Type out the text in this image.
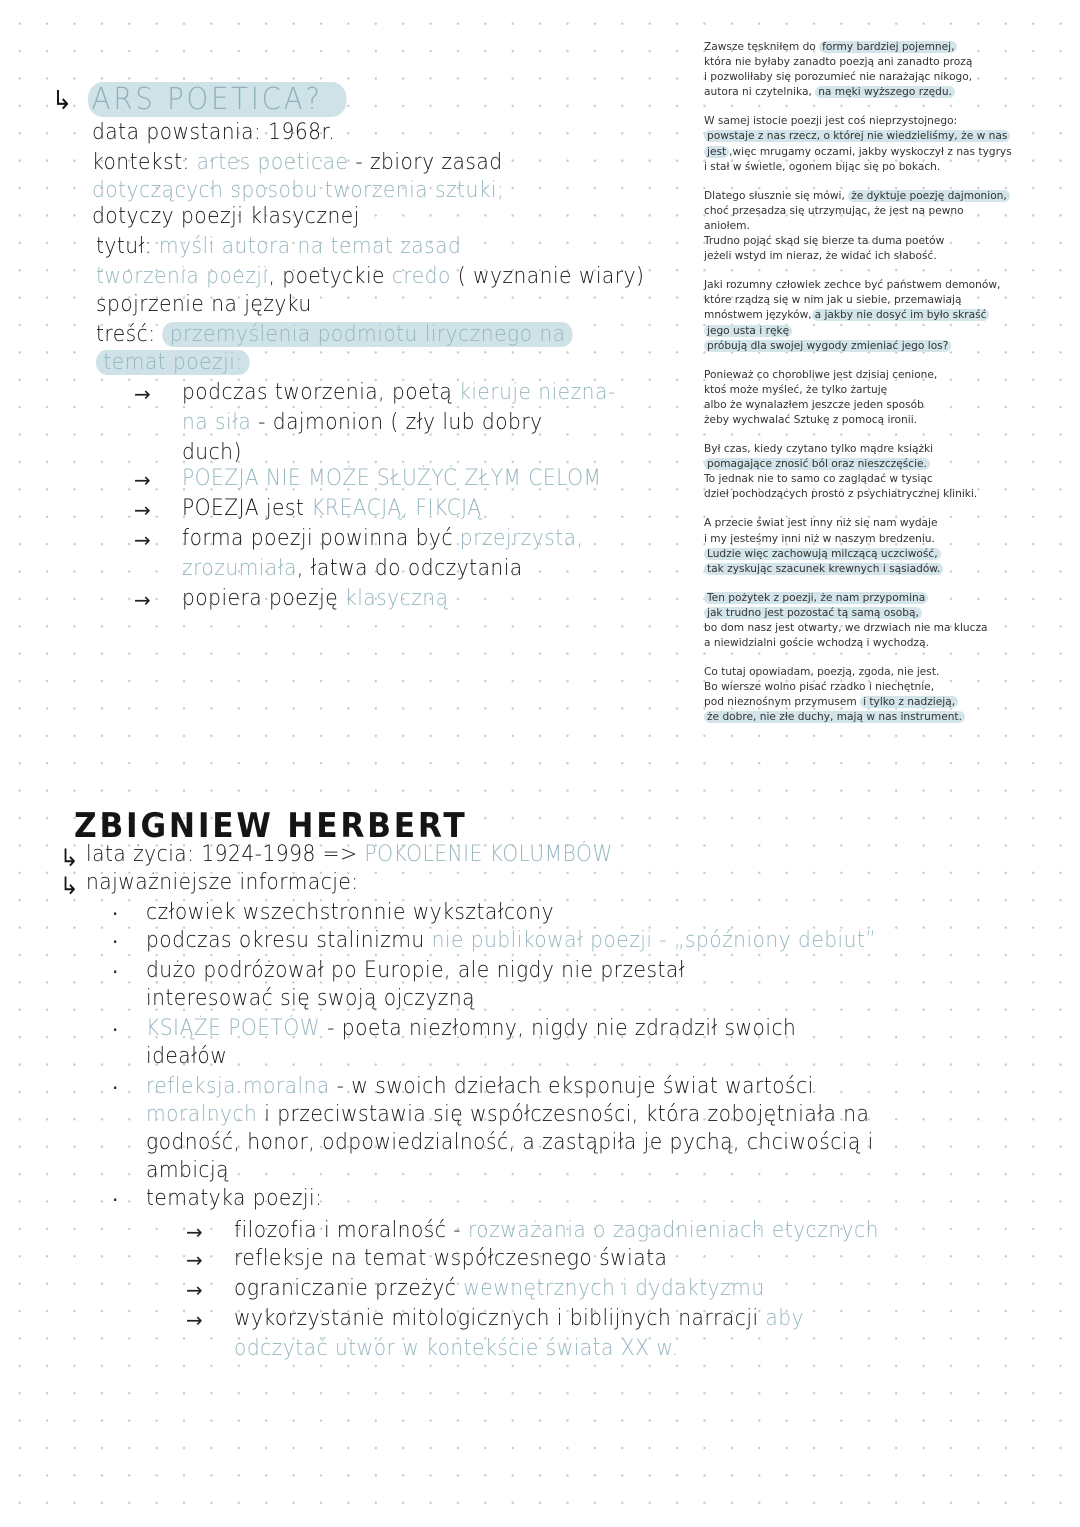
↳ ARS POETICA?
data powstania: 1968r.
kontekst: artes poeticae - zbiory zasad
dotyczących sposobu tworzenia sztuki;
dotyczy poezji klasycznej
tytuł: myśli autora na temat zasad
tworzenia poezji, poetyckie credo ( wyznanie wiary)
spojrzenie na języku
treść: przemyślenia podmiotu lirycznego na
temat poezji:
podczas tworzenia, poetą kieruje niezna-
→
na siła - dajmonion ( zły lub dobry
duch)
POEZJA NIE MOŻE SŁUŻYĆ ZŁYM CELOM
→
POEZJA jest KREACJĄ, FIKCJĄ
→
forma poezji powinna być przejrzysta,
→
zrozumiała, łatwa do odczytania
popiera poezję klasyczną
→
ZBIGNIEW HERBERT
↳
↳
lata życia: 1924-1998 => POKOLENIE KOLUMBÓW
najważniejsze informacje:
człowiek wszechstronnie wykształcony
·
podczas okresu stalinizmu nie publikował poezji - „spóźniony debiut”
·
dużo podróżował po Europie, ale nigdy nie przestał
·
interesować się swoją ojczyzną
KSIĄŻE POETÓW - poeta niezłomny, nigdy nie zdradził swoich
·
ideałów
refleksja moralna - w swoich dziełach eksponuje świat wartości
·
moralnych i przeciwstawia się współczesności, która zobojętniała na
godność, honor, odpowiedzialność, a zastąpiła je pychą, chciwością i
ambicją
tematyka poezji:
·
filozofia i moralność - rozważania o zagadnieniach etycznych
→
refleksje na temat współczesnego świata
→
ograniczanie przeżyć wewnętrznych i dydaktyzmu
→
wykorzystanie mitologicznych i biblijnych narracji aby
→
odczytać utwór w kontekście świata XX w.
Zawsze tęskniłem do formy bardziej pojemnej,
która nie byłaby zanadto poezją ani zanadto prozą
i pozwoliłaby się porozumieć nie narażając nikogo,
autora ni czytelnika, na męki wyższego rzędu.
W samej istocie poezji jest coś nieprzystojnego:
powstaje z nas rzecz, o której nie wiedzieliśmy, że w nas
jest ,więc mrugamy oczami, jakby wyskoczył z nas tygrys
i stał w świetle, ogonem bijąc się po bokach.
Dlatego słusznie się mówi, że dyktuje poezję dajmonion,
choć przesadza się utrzymując, że jest na pewno
aniołem.
Trudno pojąć skąd się bierze ta duma poetów
jeżeli wstyd im nieraz, że widać ich słabość.
Jaki rozumny człowiek zechce być państwem demonów,
które rządzą się w nim jak u siebie, przemawiają
mnóstwem języków, a jakby nie dosyć im było skraść
jego usta i rękę
próbują dla swojej wygody zmieniać jego los?
Ponieważ co chorobliwe jest dzisiaj cenione,
ktoś może myśleć, że tylko żartuję
albo że wynalazłem jeszcze jeden sposób
żeby wychwalać Sztukę z pomocą ironii.
Był czas, kiedy czytano tylko mądre książki
pomagające znosić ból oraz nieszczęście.
To jednak nie to samo co zaglądać w tysiąc
dzieł pochodzących prosto z psychiatrycznej kliniki.
A przecie świat jest inny niż się nam wydaje
i my jesteśmy inni niż w naszym bredzeniu.
Ludzie więc zachowują milczącą uczciwość,
tak zyskując szacunek krewnych i sąsiadów.
Ten pożytek z poezji, że nam przypomina
jak trudno jest pozostać tą samą osobą,
bo dom nasz jest otwarty, we drzwiach nie ma klucza
a niewidzialni goście wchodzą i wychodzą.
Co tutaj opowiadam, poezją, zgoda, nie jest.
Bo wiersze wolno pisać rzadko i niechętnie,
pod nieznośnym przymusem i tylko z nadzieją,
że dobre, nie złe duchy, mają w nas instrument.
